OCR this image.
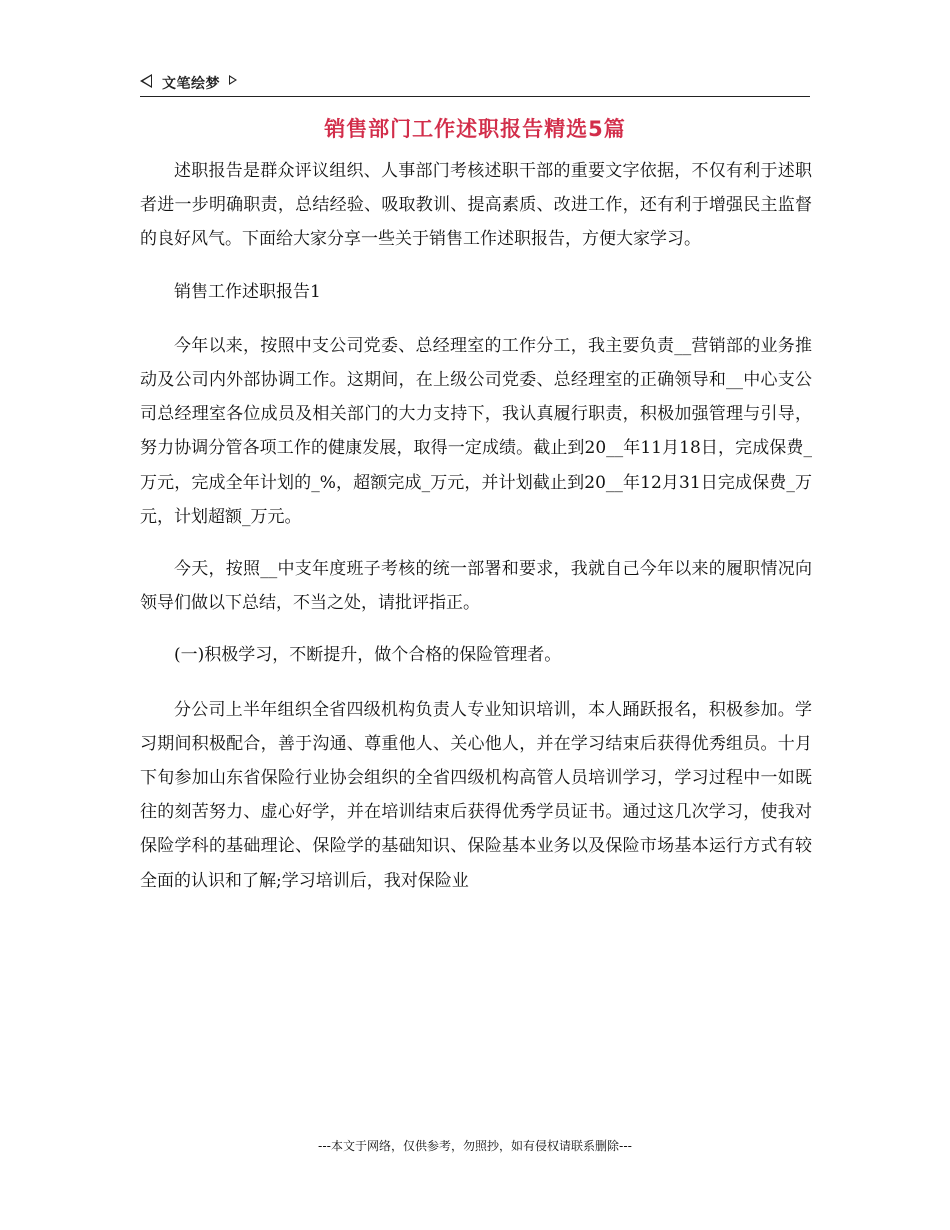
文笔绘梦
销售部门工作述职报告精选5篇

述职报告是群众评议组织、人事部门考核述职干部的重要文字依据，不仅有利于述职者进一步明确职责，总结经验、吸取教训、提高素质、改进工作，还有利于增强民主监督的良好风气。下面给大家分享一些关于销售工作述职报告，方便大家学习。

销售工作述职报告1

今年以来，按照中支公司党委、总经理室的工作分工，我主要负责__营销部的业务推动及公司内外部协调工作。这期间，在上级公司党委、总经理室的正确领导和__中心支公司总经理室各位成员及相关部门的大力支持下，我认真履行职责，积极加强管理与引导，努力协调分管各项工作的健康发展，取得一定成绩。截止到20__年11月18日，完成保费_万元，完成全年计划的_%，超额完成_万元，并计划截止到20__年12月31日完成保费_万元，计划超额_万元。

今天，按照__中支年度班子考核的统一部署和要求，我就自己今年以来的履职情况向领导们做以下总结，不当之处，请批评指正。

(一)积极学习，不断提升，做个合格的保险管理者。

分公司上半年组织全省四级机构负责人专业知识培训，本人踊跃报名，积极参加。学习期间积极配合，善于沟通、尊重他人、关心他人，并在学习结束后获得优秀组员。十月下旬参加山东省保险行业协会组织的全省四级机构高管人员培训学习，学习过程中一如既往的刻苦努力、虚心好学，并在培训结束后获得优秀学员证书。通过这几次学习，使我对保险学科的基础理论、保险学的基础知识、保险基本业务以及保险市场基本运行方式有较全面的认识和了解;学习培训后，我对保险业

---本文于网络，仅供参考，勿照抄，如有侵权请联系删除---
